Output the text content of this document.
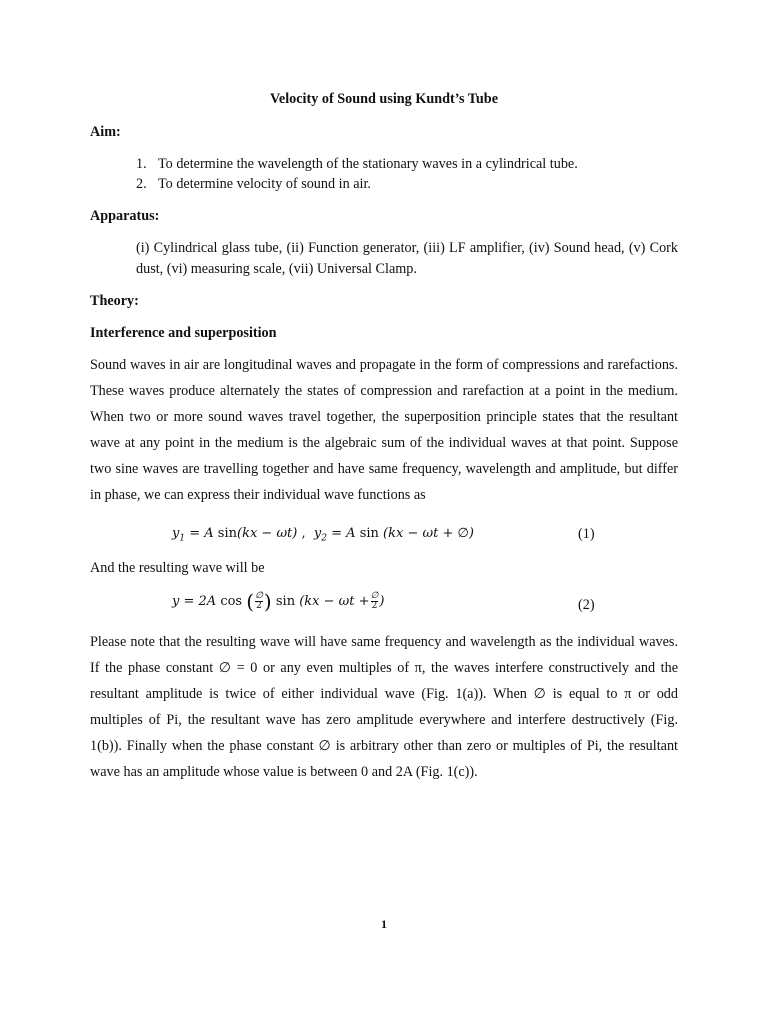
Velocity of Sound using Kundt’s Tube
Aim:
1. To determine the wavelength of the stationary waves in a cylindrical tube.
2. To determine velocity of sound in air.
Apparatus:
(i) Cylindrical glass tube, (ii) Function generator, (iii) LF amplifier, (iv) Sound head, (v) Cork dust, (vi) measuring scale, (vii) Universal Clamp.
Theory:
Interference and superposition
Sound waves in air are longitudinal waves and propagate in the form of compressions and rarefactions. These waves produce alternately the states of compression and rarefaction at a point in the medium. When two or more sound waves travel together, the superposition principle states that the resultant wave at any point in the medium is the algebraic sum of the individual waves at that point. Suppose two sine waves are travelling together and have same frequency, wavelength and amplitude, but differ in phase, we can express their individual wave functions as
$y_1 = A$ sin(kx − ωt) ,  $y_2 = A$ sin (kx − ωt + ∅)	(1)
And the resulting wave will be
y = 2A cos ( $\frac{\emptyset}{2}$ ) $\sin (kx - \omega t + \frac{\emptyset}{2}$ )	(2)
Please note that the resulting wave will have same frequency and wavelength as the individual waves. If the phase constant ∅ = 0 or any even multiples of π, the waves interfere constructively and the resultant amplitude is twice of either individual wave (Fig. 1(a)). When ∅ is equal to π or odd multiples of Pi, the resultant wave has zero amplitude everywhere and interfere destructively (Fig. 1(b)). Finally when the phase constant ∅ is arbitrary other than zero or multiples of Pi, the resultant wave has an amplitude whose value is between 0 and 2A (Fig. 1(c)).
1
